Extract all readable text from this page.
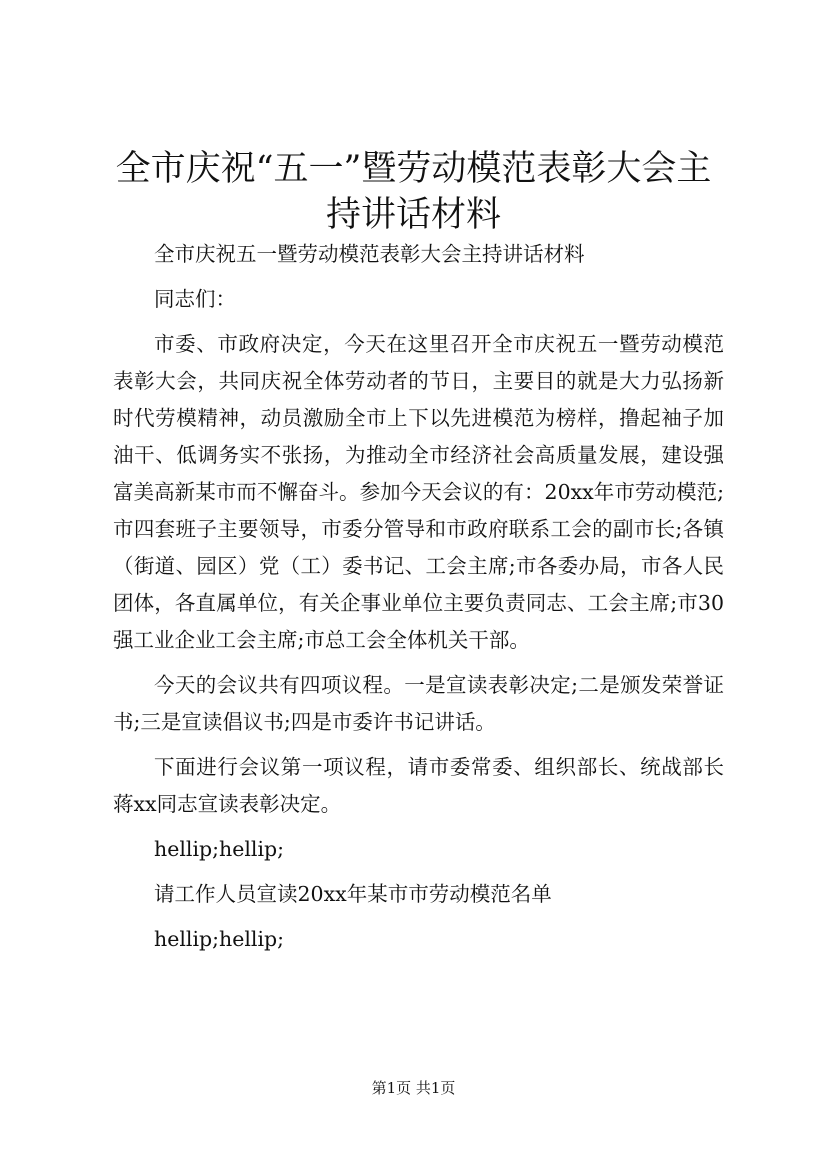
全市庆祝“五一”暨劳动模范表彰大会主持讲话材料

全市庆祝五一暨劳动模范表彰大会主持讲话材料

同志们：

市委、市政府决定，今天在这里召开全市庆祝五一暨劳动模范表彰大会，共同庆祝全体劳动者的节日，主要目的就是大力弘扬新时代劳模精神，动员激励全市上下以先进模范为榜样，撸起袖子加油干、低调务实不张扬，为推动全市经济社会高质量发展，建设强富美高新某市而不懈奋斗。参加今天会议的有：20xx年市劳动模范;市四套班子主要领导，市委分管导和市政府联系工会的副市长;各镇（街道、园区）党（工）委书记、工会主席;市各委办局，市各人民团体，各直属单位，有关企事业单位主要负责同志、工会主席;市30强工业企业工会主席;市总工会全体机关干部。

今天的会议共有四项议程。一是宣读表彰决定;二是颁发荣誉证书;三是宣读倡议书;四是市委许书记讲话。

下面进行会议第一项议程，请市委常委、组织部长、统战部长蒋xx同志宣读表彰决定。

hellip;hellip;

请工作人员宣读20xx年某市市劳动模范名单

hellip;hellip;

第1页 共1页
